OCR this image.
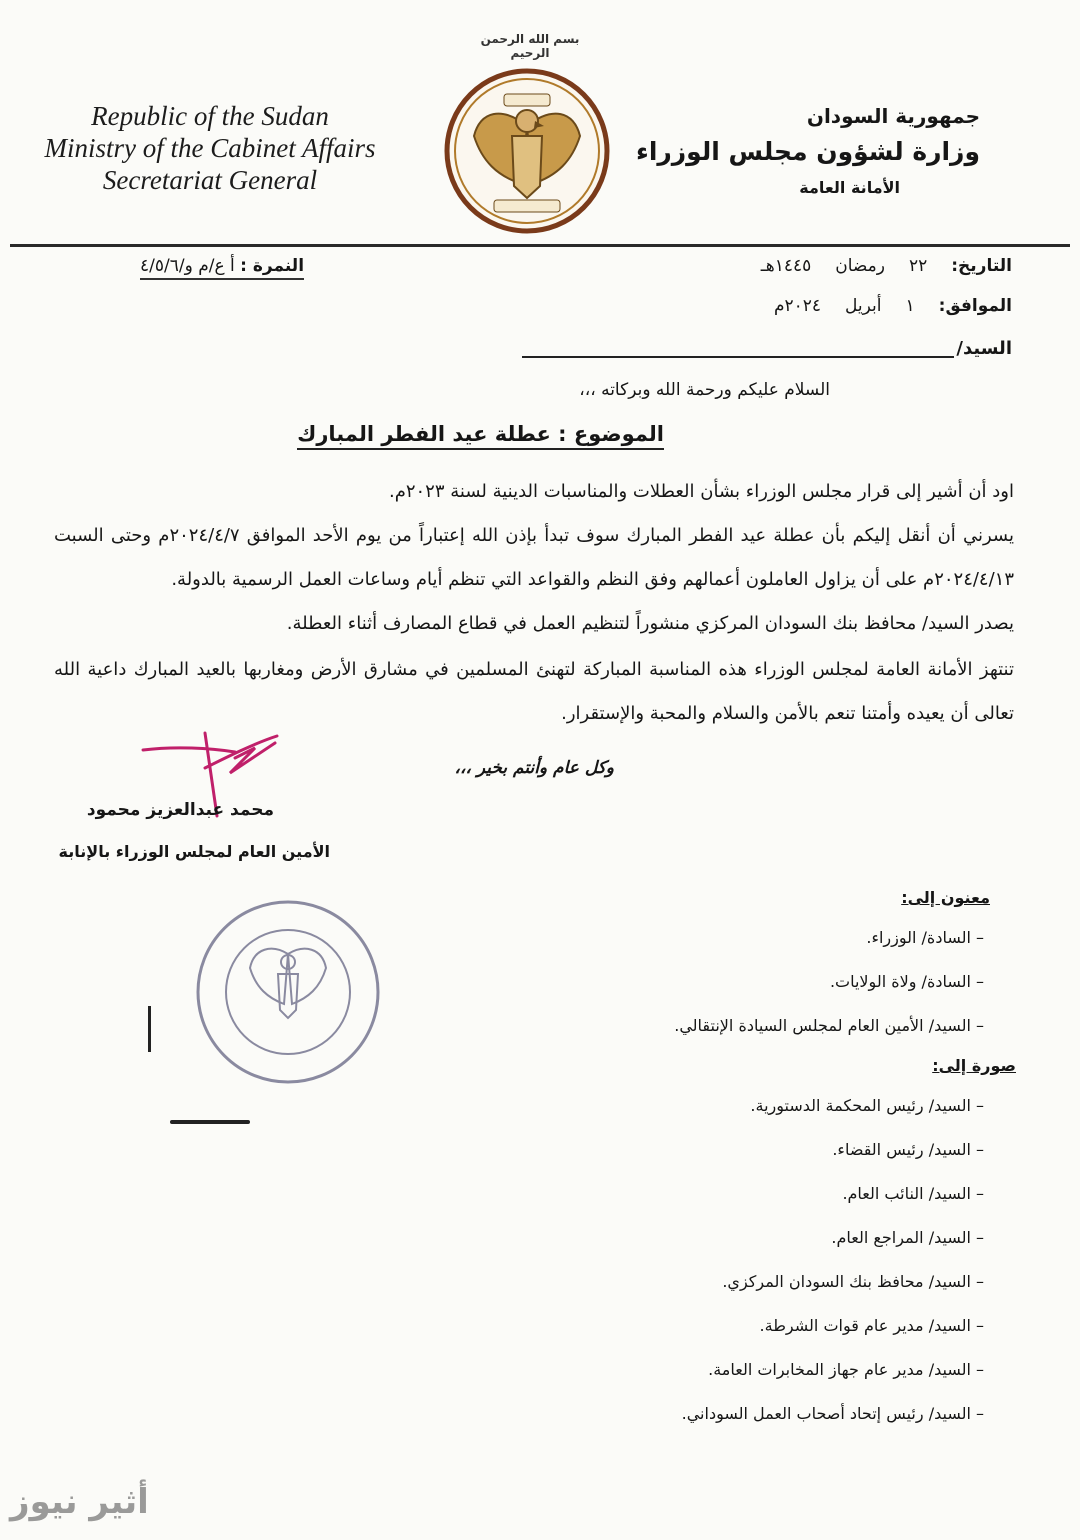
Republic of the Sudan
Ministry of the Cabinet Affairs
Secretariat General
بسم الله الرحمن الرحيم
جمهورية السودان
وزارة لشؤون مجلس الوزراء
الأمانة العامة
التاريخ:
٢٢
رمضان
١٤٤٥هـ
النمرة : أ ع/م و/٤/٥/٦
الموافق:
١
أبريل
٢٠٢٤م
السيد/
السلام عليكم ورحمة الله وبركاته ،،،
الموضوع : عطلة عيد الفطر المبارك
اود أن أشير إلى قرار مجلس الوزراء بشأن العطلات والمناسبات الدينية لسنة ٢٠٢٣م.
يسرني أن أنقل إليكم بأن عطلة عيد الفطر المبارك سوف تبدأ بإذن الله إعتباراً من يوم الأحد الموافق ٢٠٢٤/٤/٧م وحتى السبت ٢٠٢٤/٤/١٣م على أن يزاول العاملون أعمالهم وفق النظم والقواعد التي تنظم أيام وساعات العمل الرسمية بالدولة.
يصدر السيد/ محافظ بنك السودان المركزي منشوراً لتنظيم العمل في قطاع المصارف أثناء العطلة.
تنتهز الأمانة العامة لمجلس الوزراء هذه المناسبة المباركة لتهنئ المسلمين في مشارق الأرض ومغاربها بالعيد المبارك داعية الله تعالى أن يعيده وأمتنا تنعم بالأمن والسلام والمحبة والإستقرار.
وكل عام وأنتم بخير ،،،
محمد عبدالعزيز محمود
الأمين العام لمجلس الوزراء بالإنابة
معنون إلى:
– السادة/ الوزراء.
– السادة/ ولاة الولايات.
– السيد/ الأمين العام لمجلس السيادة الإنتقالي.
صورة إلى:
– السيد/ رئيس المحكمة الدستورية.
– السيد/ رئيس القضاء.
– السيد/ النائب العام.
– السيد/ المراجع العام.
– السيد/ محافظ بنك السودان المركزي.
– السيد/ مدير عام قوات الشرطة.
– السيد/ مدير عام جهاز المخابرات العامة.
– السيد/ رئيس إتحاد أصحاب العمل السوداني.
أثير نيوز
